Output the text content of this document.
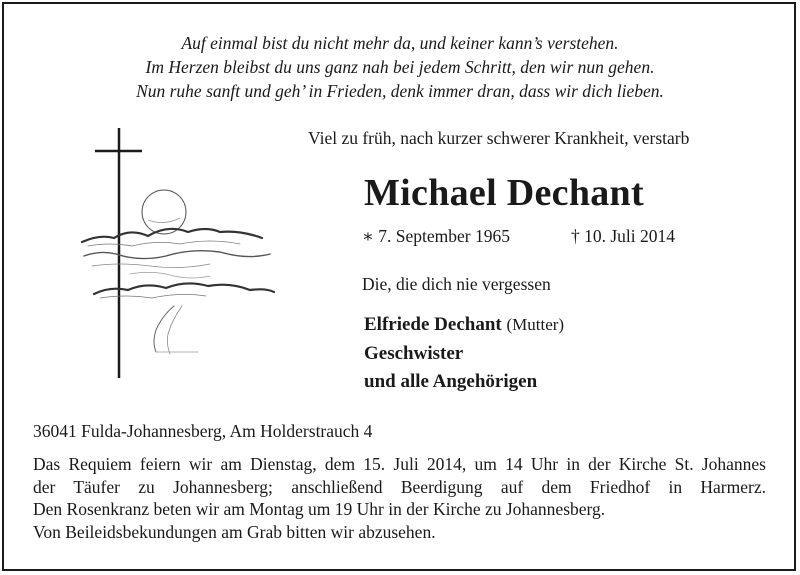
Auf einmal bist du nicht mehr da, und keiner kann’s verstehen.
Im Herzen bleibst du uns ganz nah bei jedem Schritt, den wir nun gehen.
Nun ruhe sanft und geh’ in Frieden, denk immer dran, dass wir dich lieben.
Viel zu früh, nach kurzer schwerer Krankheit, verstarb
Michael Dechant
∗ 7. September 1965	† 10. Juli 2014
Die, die dich nie vergessen
Elfriede Dechant (Mutter)
Geschwister
und alle Angehörigen
36041 Fulda-Johannesberg, Am Holderstrauch 4
Das Requiem feiern wir am Dienstag, dem 15. Juli 2014, um 14 Uhr in der Kirche St. Johannes
der Täufer zu Johannesberg; anschließend Beerdigung auf dem Friedhof in Harmerz.
Den Rosenkranz beten wir am Montag um 19 Uhr in der Kirche zu Johannesberg.
Von Beileidsbekundungen am Grab bitten wir abzusehen.
